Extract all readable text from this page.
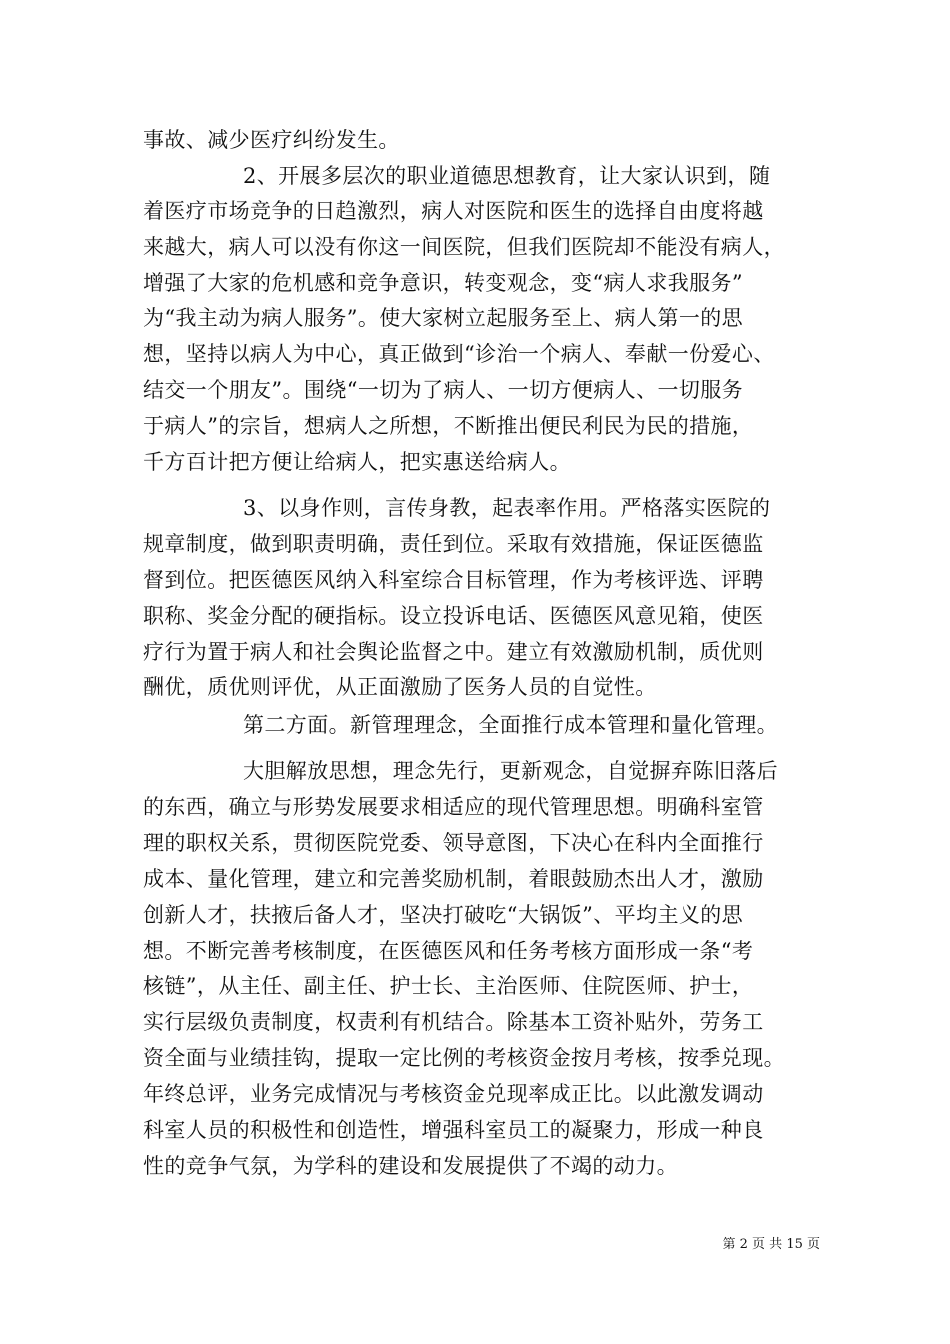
事故、减少医疗纠纷发生。
2、开展多层次的职业道德思想教育，让大家认识到，随
着医疗市场竞争的日趋激烈，病人对医院和医生的选择自由度将越
来越大，病人可以没有你这一间医院，但我们医院却不能没有病人，
增强了大家的危机感和竞争意识，转变观念，变“病人求我服务”
为“我主动为病人服务”。使大家树立起服务至上、病人第一的思
想，坚持以病人为中心，真正做到“诊治一个病人、奉献一份爱心、
结交一个朋友”。围绕“一切为了病人、一切方便病人、一切服务
于病人”的宗旨，想病人之所想，不断推出便民利民为民的措施，
千方百计把方便让给病人，把实惠送给病人。
3、以身作则，言传身教，起表率作用。严格落实医院的
规章制度，做到职责明确，责任到位。采取有效措施，保证医德监
督到位。把医德医风纳入科室综合目标管理，作为考核评选、评聘
职称、奖金分配的硬指标。设立投诉电话、医德医风意见箱，使医
疗行为置于病人和社会舆论监督之中。建立有效激励机制，质优则
酬优，质优则评优，从正面激励了医务人员的自觉性。
第二方面。新管理理念，全面推行成本管理和量化管理。
大胆解放思想，理念先行，更新观念，自觉摒弃陈旧落后
的东西，确立与形势发展要求相适应的现代管理思想。明确科室管
理的职权关系，贯彻医院党委、领导意图，下决心在科内全面推行
成本、量化管理，建立和完善奖励机制，着眼鼓励杰出人才，激励
创新人才，扶掖后备人才，坚决打破吃“大锅饭”、平均主义的思
想。不断完善考核制度，在医德医风和任务考核方面形成一条“考
核链”，从主任、副主任、护士长、主治医师、住院医师、护士，
实行层级负责制度，权责利有机结合。除基本工资补贴外，劳务工
资全面与业绩挂钩，提取一定比例的考核资金按月考核，按季兑现。
年终总评，业务完成情况与考核资金兑现率成正比。以此激发调动
科室人员的积极性和创造性，增强科室员工的凝聚力，形成一种良
性的竞争气氛，为学科的建设和发展提供了不竭的动力。
第 2 页 共 15 页
